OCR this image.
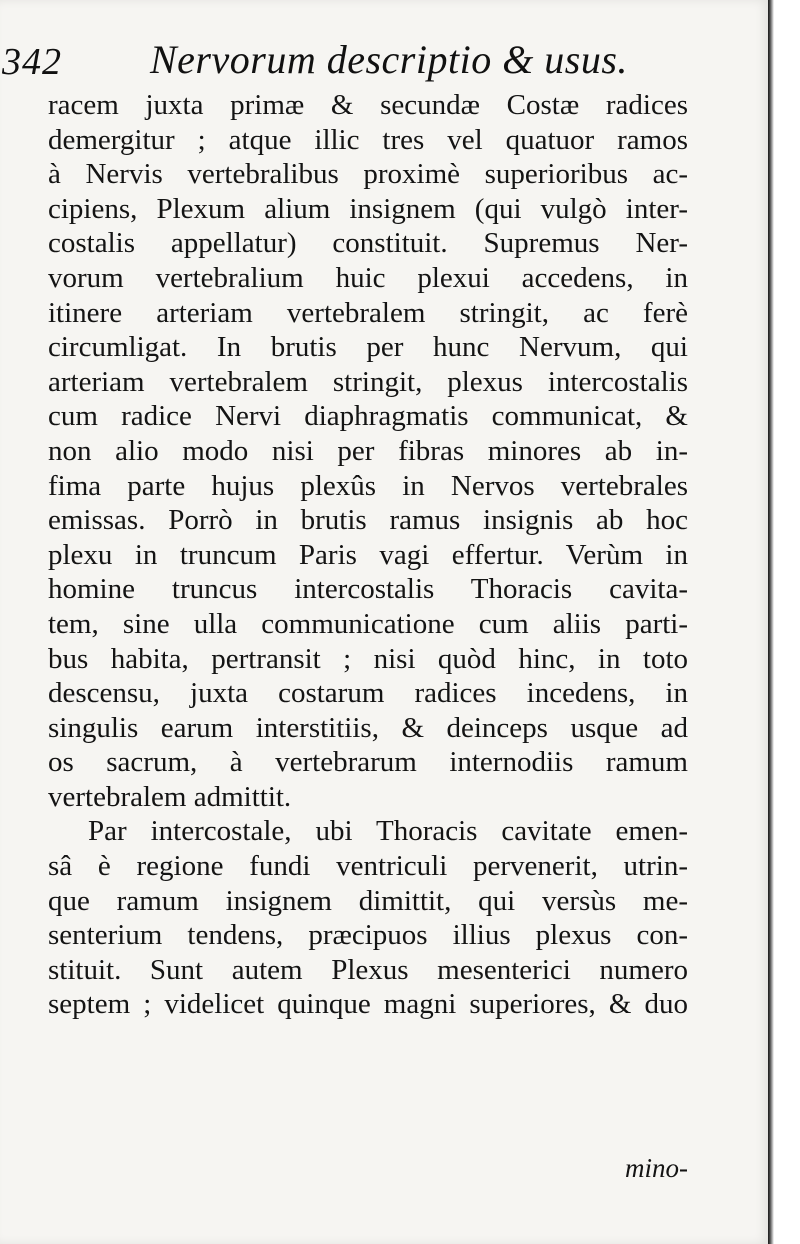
342 Nervorum descriptio & usus.
racem juxta primæ & secundæ Costæ radices
demergitur ; atque illic tres vel quatuor ramos
à Nervis vertebralibus proximè superioribus ac-
cipiens, Plexum alium insignem (qui vulgò inter-
costalis appellatur) constituit. Supremus Ner-
vorum vertebralium huic plexui accedens, in
itinere arteriam vertebralem stringit, ac ferè
circumligat. In brutis per hunc Nervum, qui
arteriam vertebralem stringit, plexus intercostalis
cum radice Nervi diaphragmatis communicat, &
non alio modo nisi per fibras minores ab in-
fima parte hujus plexûs in Nervos vertebrales
emissas. Porrò in brutis ramus insignis ab hoc
plexu in truncum Paris vagi effertur. Verùm in
homine truncus intercostalis Thoracis cavita-
tem, sine ulla communicatione cum aliis parti-
bus habita, pertransit ; nisi quòd hinc, in toto
descensu, juxta costarum radices incedens, in
singulis earum interstitiis, & deinceps usque ad
os sacrum, à vertebrarum internodiis ramum
vertebralem admittit.
Par intercostale, ubi Thoracis cavitate emen-
sâ è regione fundi ventriculi pervenerit, utrin-
que ramum insignem dimittit, qui versùs me-
senterium tendens, præcipuos illius plexus con-
stituit. Sunt autem Plexus mesenterici numero
septem ; videlicet quinque magni superiores, & duo
mino-
